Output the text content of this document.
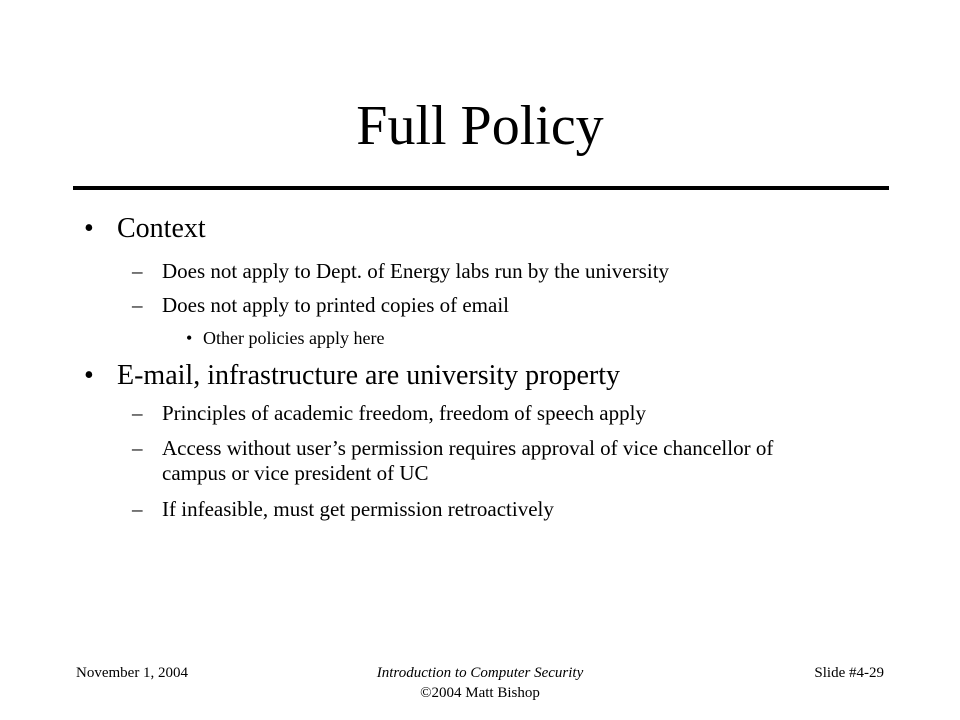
Full Policy
• Context
– Does not apply to Dept. of Energy labs run by the university
– Does not apply to printed copies of email
• Other policies apply here
• E-mail, infrastructure are university property
– Principles of academic freedom, freedom of speech apply
– Access without user’s permission requires approval of vice chancellor of campus or vice president of UC
– If infeasible, must get permission retroactively
November 1, 2004	Introduction to Computer Security
©2004 Matt Bishop
Slide #4-29
